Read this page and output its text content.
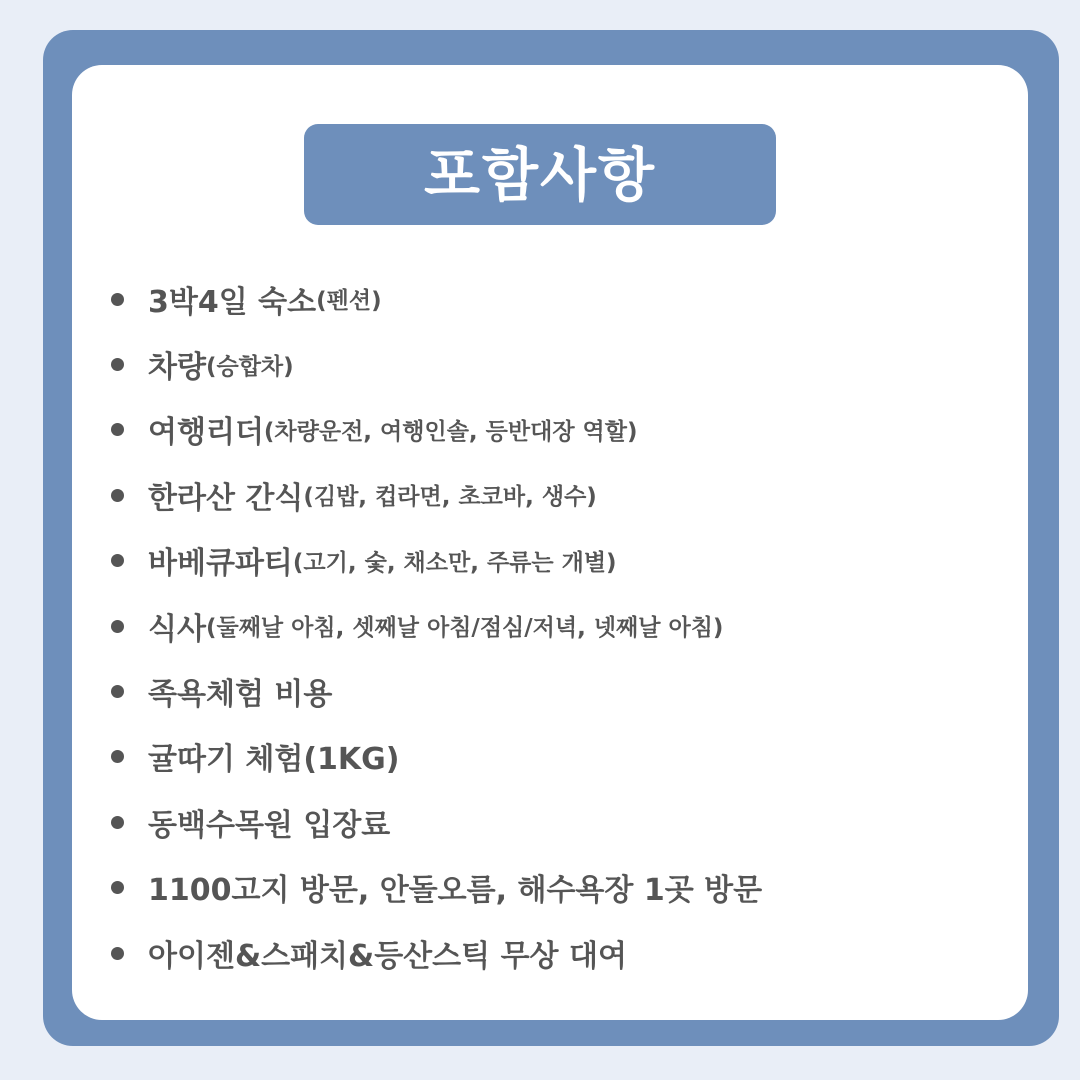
포함사항
3박4일 숙소 (펜션)
차량 (승합차)
여행리더 (차량운전, 여행인솔, 등반대장 역할)
한라산 간식 (김밥, 컵라면, 초코바, 생수)
바베큐파티 (고기, 숯, 채소만, 주류는 개별)
식사 (둘째날 아침, 셋째날 아침/점심/저녁, 넷째날 아침)
족욕체험 비용
귤따기 체험(1KG)
동백수목원 입장료
1100고지 방문, 안돌오름, 해수욕장 1곳 방문
아이젠&스패치&등산스틱 무상 대여
